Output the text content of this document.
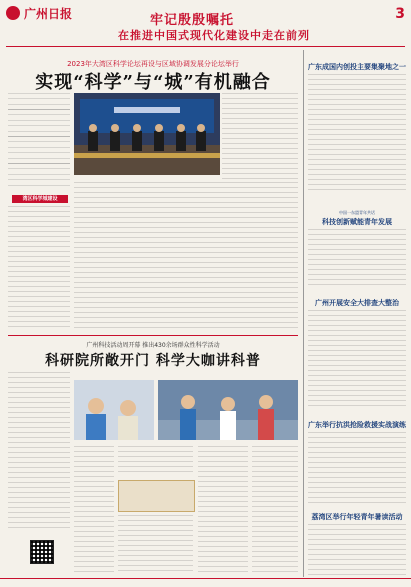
广州日报	牢记殷殷嘱托
在推进中国式现代化建设中走在前列
3
2023年大湾区科学论坛再设与区域协调发展分论坛举行
实现“科学”与“城”有机融合
湾区科学城建设
广州科技活动周开幕 推出430余场群众性科学活动
科研院所敞开门 科学大咖讲科普
广东成国内创投主要集聚地之一
中国一东盟青年共话
科技创新赋能青年发展
广州开展安全大排查大整治
广东举行抗洪抢险救援实战演练
荔湾区举行年轻青年暑读活动
